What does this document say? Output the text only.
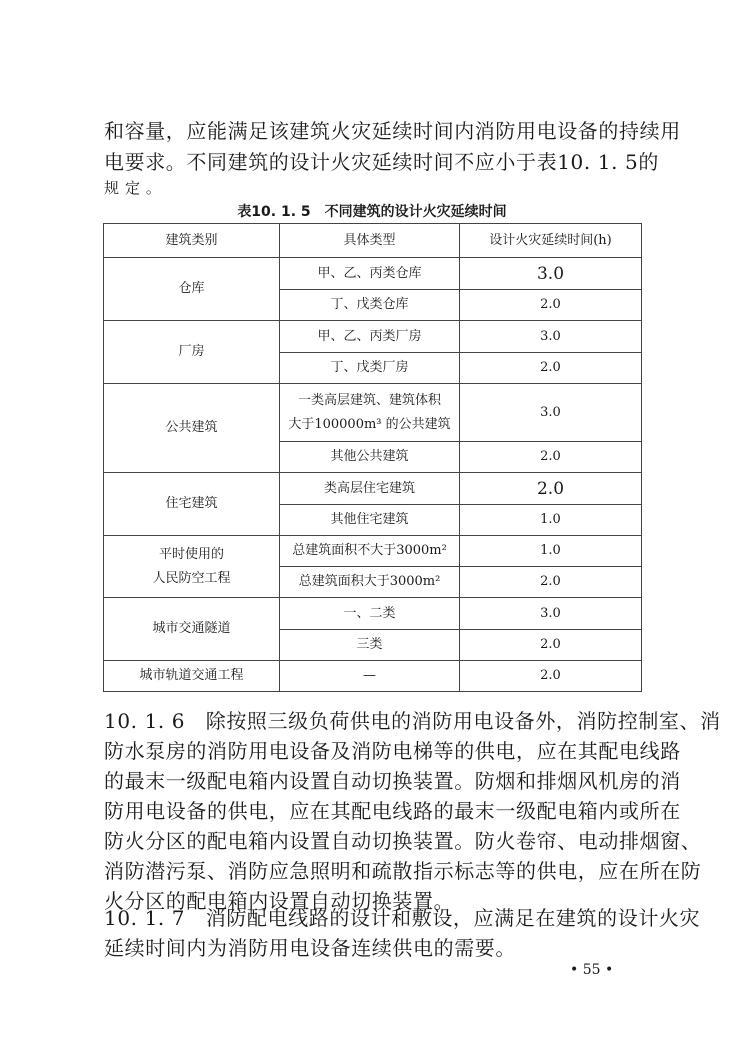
和容量，应能满足该建筑火灾延续时间内消防用电设备的持续用
电要求。不同建筑的设计火灾延续时间不应小于表10. 1. 5的
规 定 。
表10. 1. 5　不同建筑的设计火灾延续时间
建筑类别	具体类型	设计火灾延续时间(h)
仓库	甲、乙、丙类仓库	3.0
	丁、戊类仓库	2.0
厂房	甲、乙、丙类厂房	3.0
	丁、戊类厂房	2.0
公共建筑	一类高层建筑、建筑体积
大于100000m³ 的公共建筑	3.0
	其他公共建筑	2.0
住宅建筑	类高层住宅建筑	2.0
	其他住宅建筑	1.0

平时使用的
人民防空工程	总建筑面积不大于3000m²	1.0
	总建筑面积大于3000m²	2.0
城市交通隧道	一、二类	3.0
	三类	2.0
城市轨道交通工程	—	2.0
10. 1. 6　除按照三级负荷供电的消防用电设备外，消防控制室、消
防水泵房的消防用电设备及消防电梯等的供电，应在其配电线路
的最末一级配电箱内设置自动切换装置。防烟和排烟风机房的消
防用电设备的供电，应在其配电线路的最末一级配电箱内或所在
防火分区的配电箱内设置自动切换装置。防火卷帘、电动排烟窗、
消防潜污泵、消防应急照明和疏散指示标志等的供电，应在所在防
火分区的配电箱内设置自动切换装置。
10. 1. 7　消防配电线路的设计和敷设，应满足在建筑的设计火灾
延续时间内为消防用电设备连续供电的需要。
• 55 •
